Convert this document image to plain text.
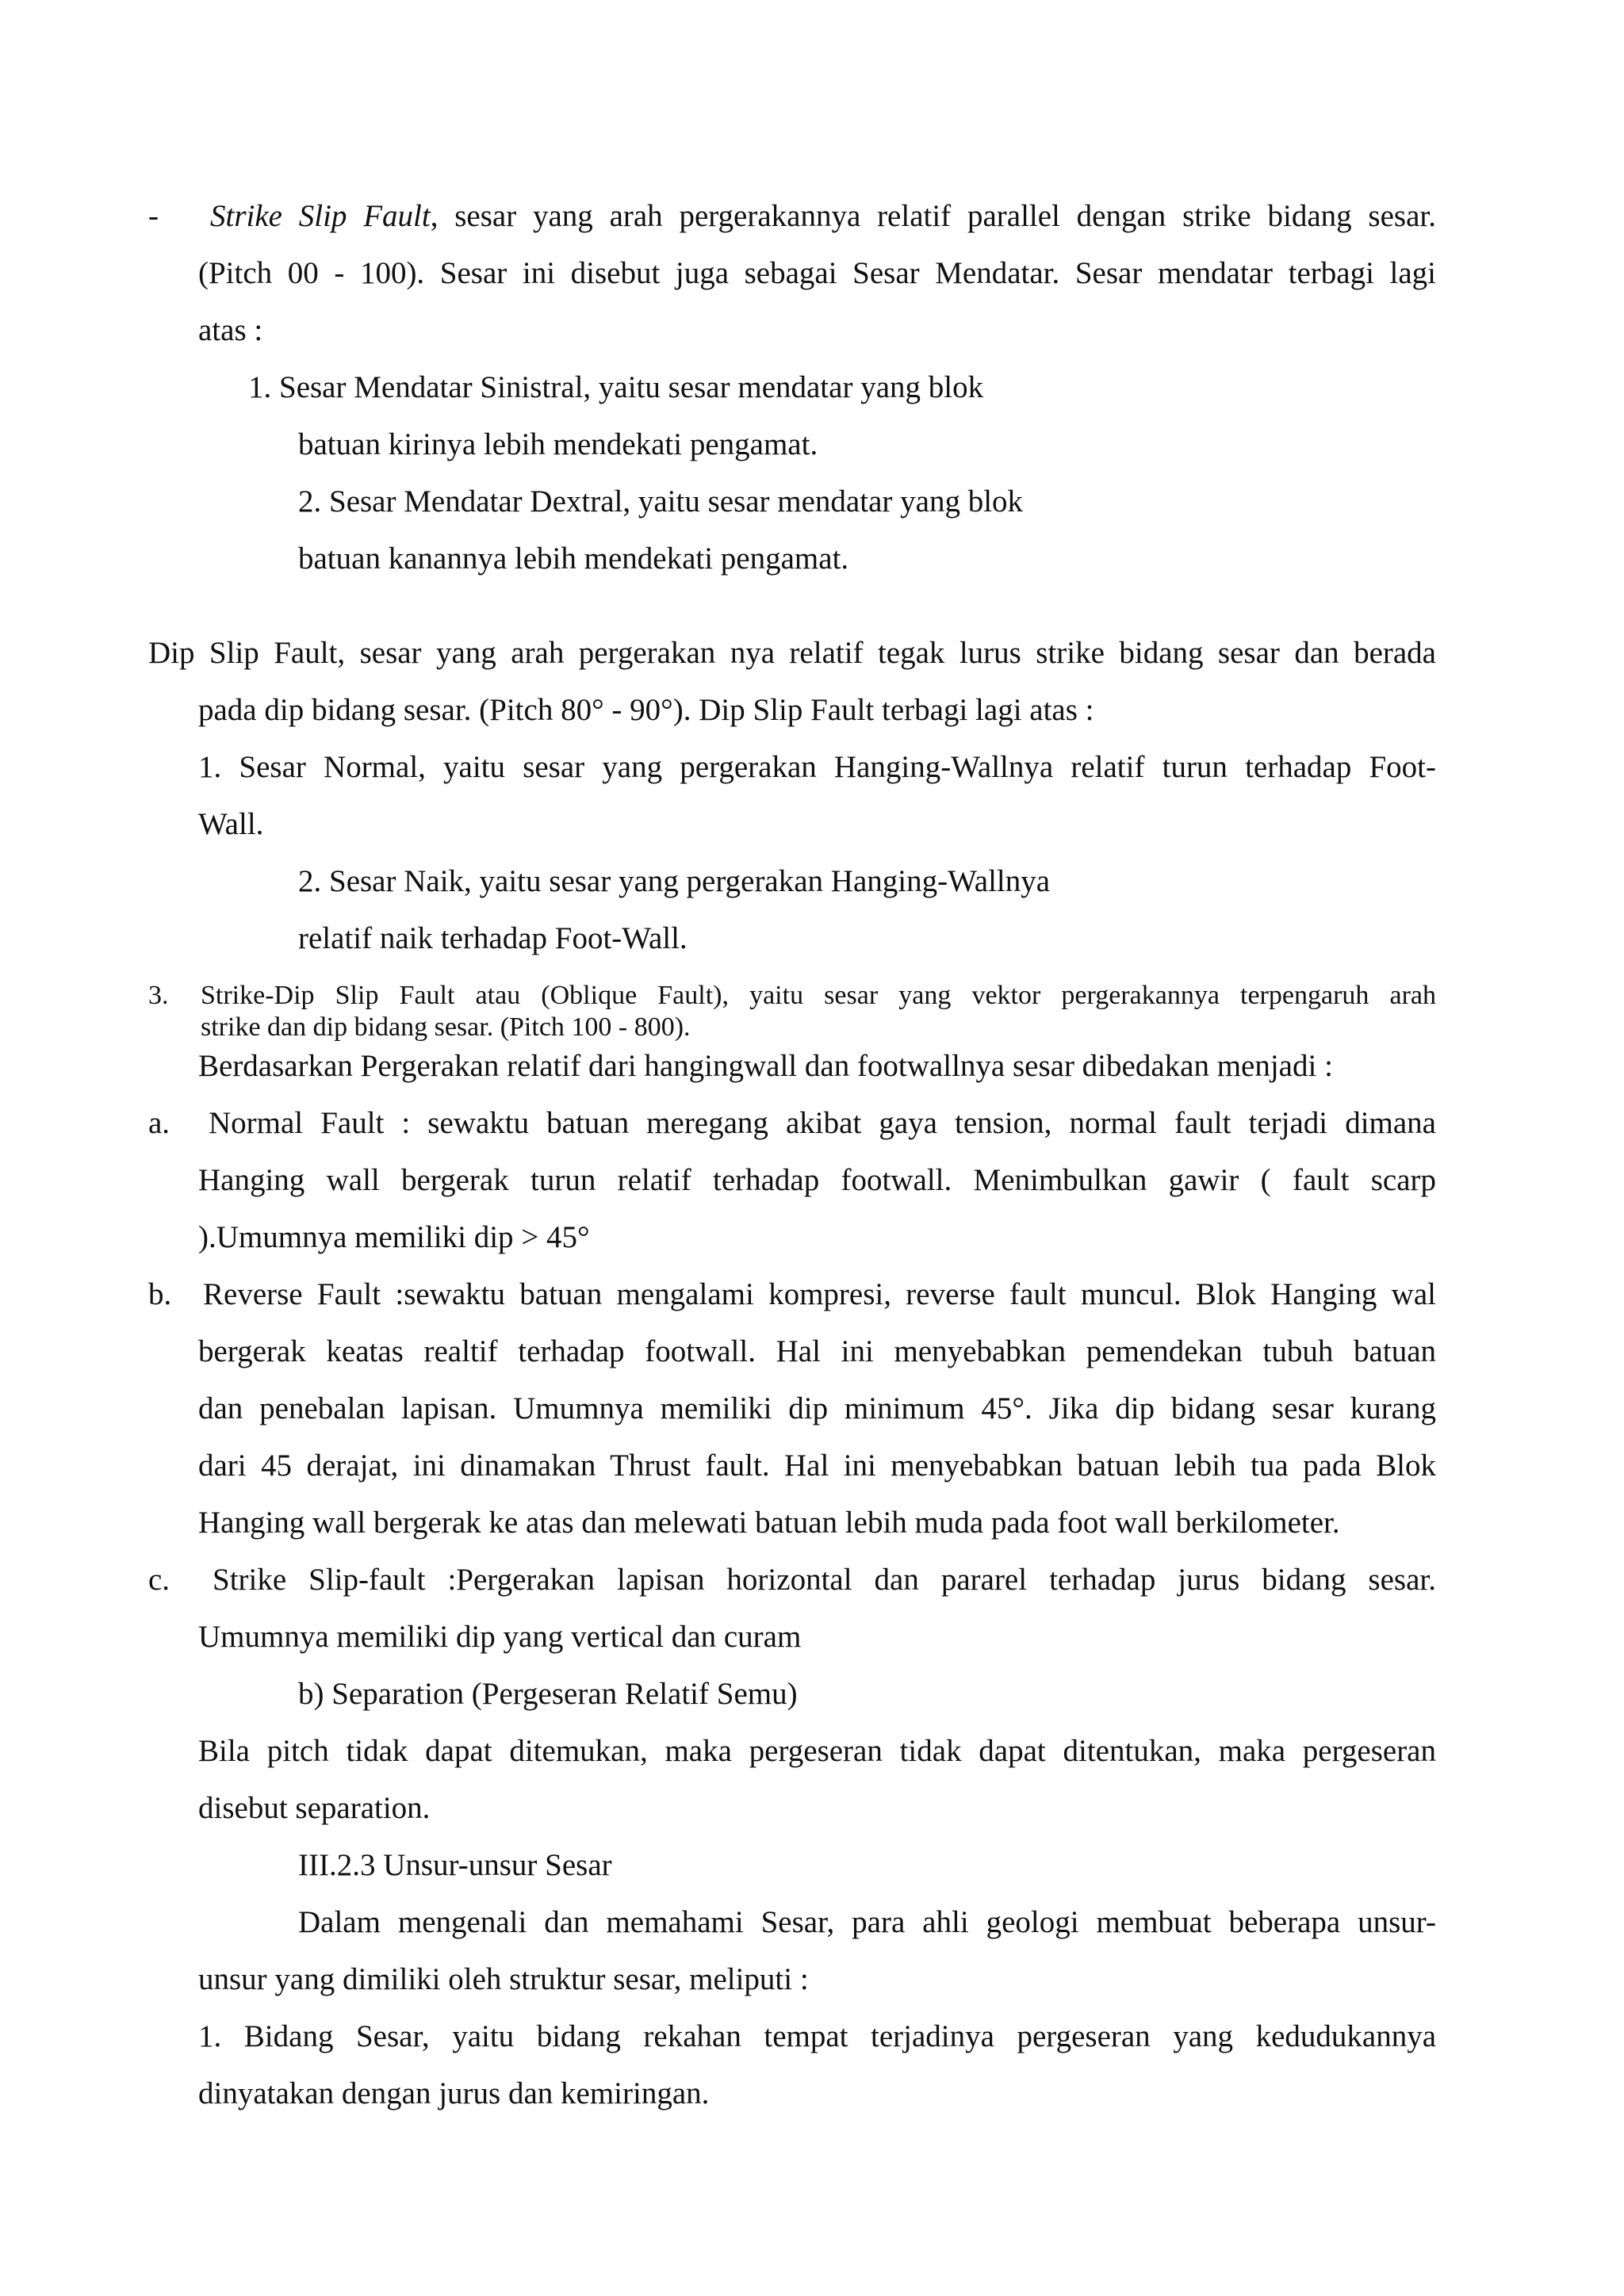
- Strike Slip Fault, sesar yang arah pergerakannya relatif parallel dengan strike bidang sesar.
(Pitch 00 - 100). Sesar ini disebut juga sebagai Sesar Mendatar. Sesar mendatar terbagi lagi
atas :
1. Sesar Mendatar Sinistral, yaitu sesar mendatar yang blok
batuan kirinya lebih mendekati pengamat.
2. Sesar Mendatar Dextral, yaitu sesar mendatar yang blok
batuan kanannya lebih mendekati pengamat.
Dip Slip Fault, sesar yang arah pergerakan nya relatif tegak lurus strike bidang sesar dan berada
pada dip bidang sesar. (Pitch 80° - 90°). Dip Slip Fault terbagi lagi atas :
1. Sesar Normal, yaitu sesar yang pergerakan Hanging-Wallnya relatif turun terhadap Foot-
Wall.
2. Sesar Naik, yaitu sesar yang pergerakan Hanging-Wallnya
relatif naik terhadap Foot-Wall.
3. Strike-Dip Slip Fault atau (Oblique Fault), yaitu sesar yang vektor pergerakannya terpengaruh arah
strike dan dip bidang sesar. (Pitch 100 - 800).
Berdasarkan Pergerakan relatif dari hangingwall dan footwallnya sesar dibedakan menjadi :
a. Normal Fault : sewaktu batuan meregang akibat gaya tension, normal fault terjadi dimana
Hanging wall bergerak turun relatif terhadap footwall. Menimbulkan gawir ( fault scarp
).Umumnya memiliki dip > 45°
b. Reverse Fault :sewaktu batuan mengalami kompresi, reverse fault muncul. Blok Hanging wal
bergerak keatas realtif terhadap footwall. Hal ini menyebabkan pemendekan tubuh batuan
dan penebalan lapisan. Umumnya memiliki dip minimum 45°. Jika dip bidang sesar kurang
dari 45 derajat, ini dinamakan Thrust fault. Hal ini menyebabkan batuan lebih tua pada Blok
Hanging wall bergerak ke atas dan melewati batuan lebih muda pada foot wall berkilometer.
c. Strike Slip-fault :Pergerakan lapisan horizontal dan pararel terhadap jurus bidang sesar.
Umumnya memiliki dip yang vertical dan curam
b) Separation (Pergeseran Relatif Semu)
Bila pitch tidak dapat ditemukan, maka pergeseran tidak dapat ditentukan, maka pergeseran
disebut separation.
III.2.3 Unsur-unsur Sesar
Dalam mengenali dan memahami Sesar, para ahli geologi membuat beberapa unsur-
unsur yang dimiliki oleh struktur sesar, meliputi :
1. Bidang Sesar, yaitu bidang rekahan tempat terjadinya pergeseran yang kedudukannya
dinyatakan dengan jurus dan kemiringan.
